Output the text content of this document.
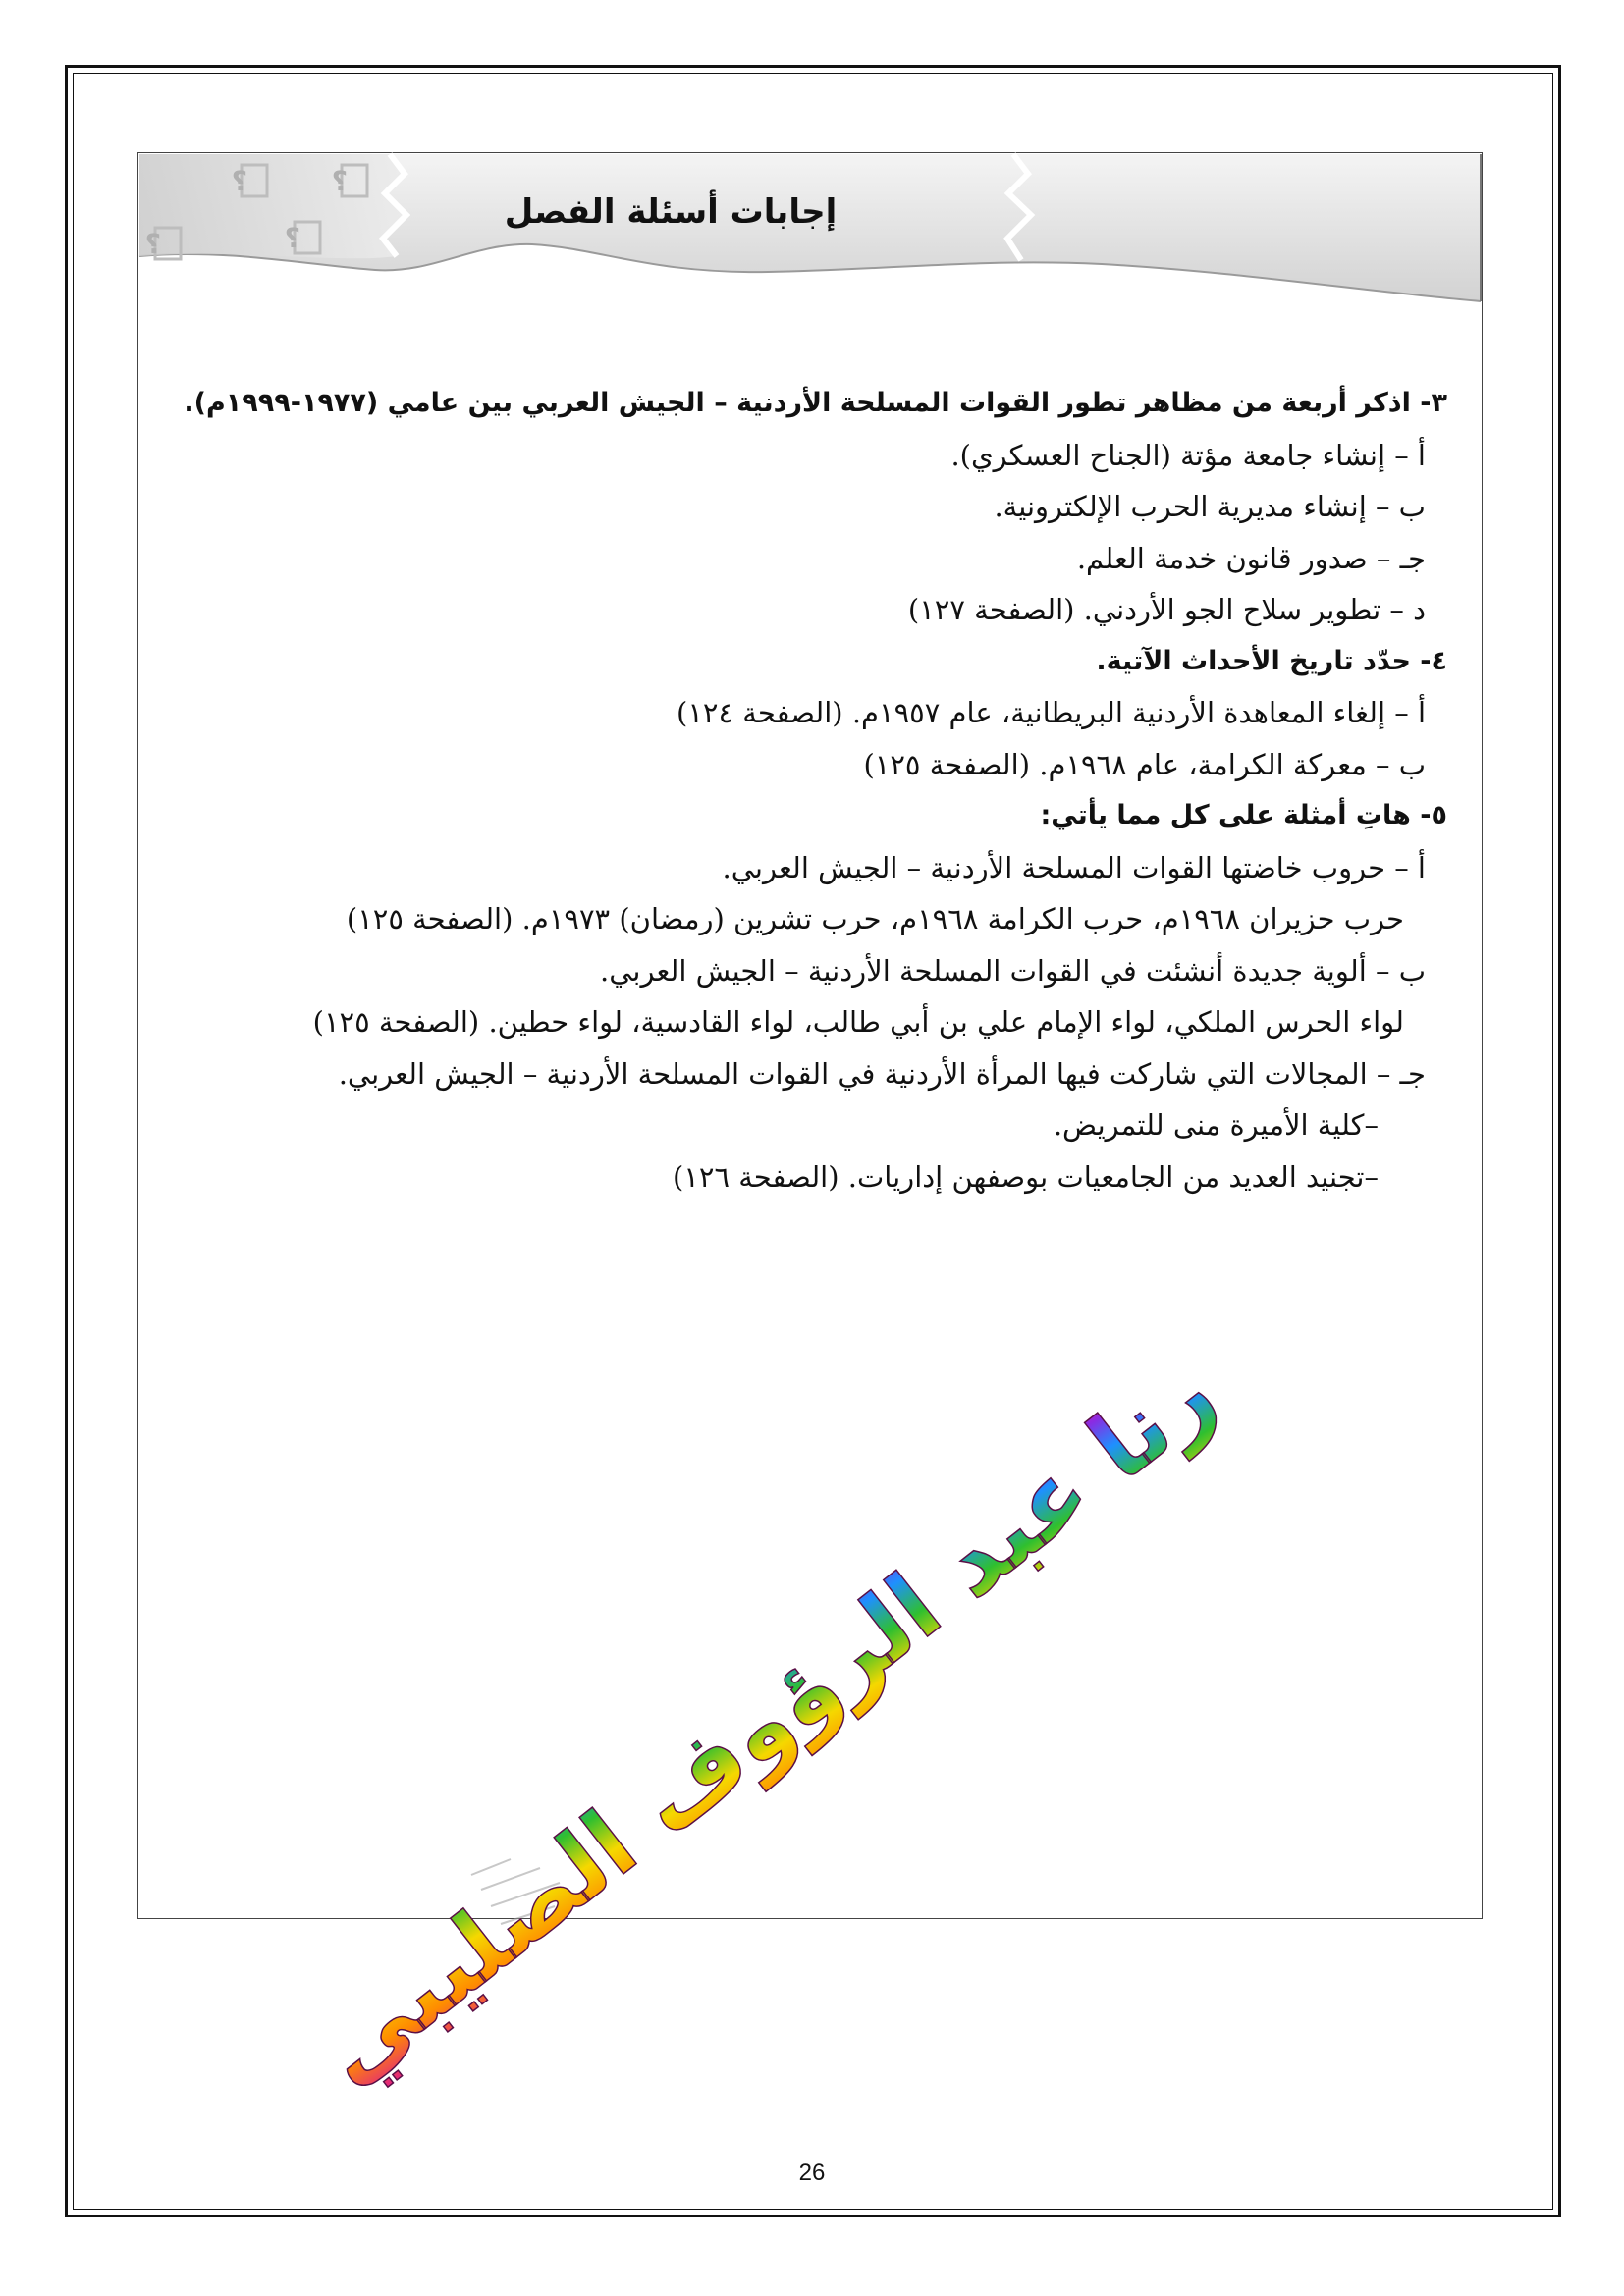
إجابات أسئلة الفصل
؟	؟
؟	؟
٣- اذكر أربعة من مظاهر تطور القوات المسلحة الأردنية – الجيش العربي بين عامي (١٩٧٧-١٩٩٩م).
أ – إنشاء جامعة مؤتة (الجناح العسكري).
ب – إنشاء مديرية الحرب الإلكترونية.
جـ – صدور قانون خدمة العلم.
د – تطوير سلاح الجو الأردني. (الصفحة ١٢٧)
٤- حدّد تاريخ الأحداث الآتية.
أ – إلغاء المعاهدة الأردنية البريطانية، عام ١٩٥٧م. (الصفحة ١٢٤)
ب – معركة الكرامة، عام ١٩٦٨م. (الصفحة ١٢٥)
٥- هاتِ أمثلة على كل مما يأتي:
أ – حروب خاضتها القوات المسلحة الأردنية – الجيش العربي.
حرب حزيران ١٩٦٨م، حرب الكرامة ١٩٦٨م، حرب تشرين (رمضان) ١٩٧٣م. (الصفحة ١٢٥)
ب – ألوية جديدة أنشئت في القوات المسلحة الأردنية – الجيش العربي.
لواء الحرس الملكي، لواء الإمام علي بن أبي طالب، لواء القادسية، لواء حطين. (الصفحة ١٢٥)
جـ – المجالات التي شاركت فيها المرأة الأردنية في القوات المسلحة الأردنية – الجيش العربي.
–كلية الأميرة منى للتمريض.
–تجنيد العديد من الجامعيات بوصفهن إداريات. (الصفحة ١٢٦)
رنا عبد الرؤوف الصليبي
26
